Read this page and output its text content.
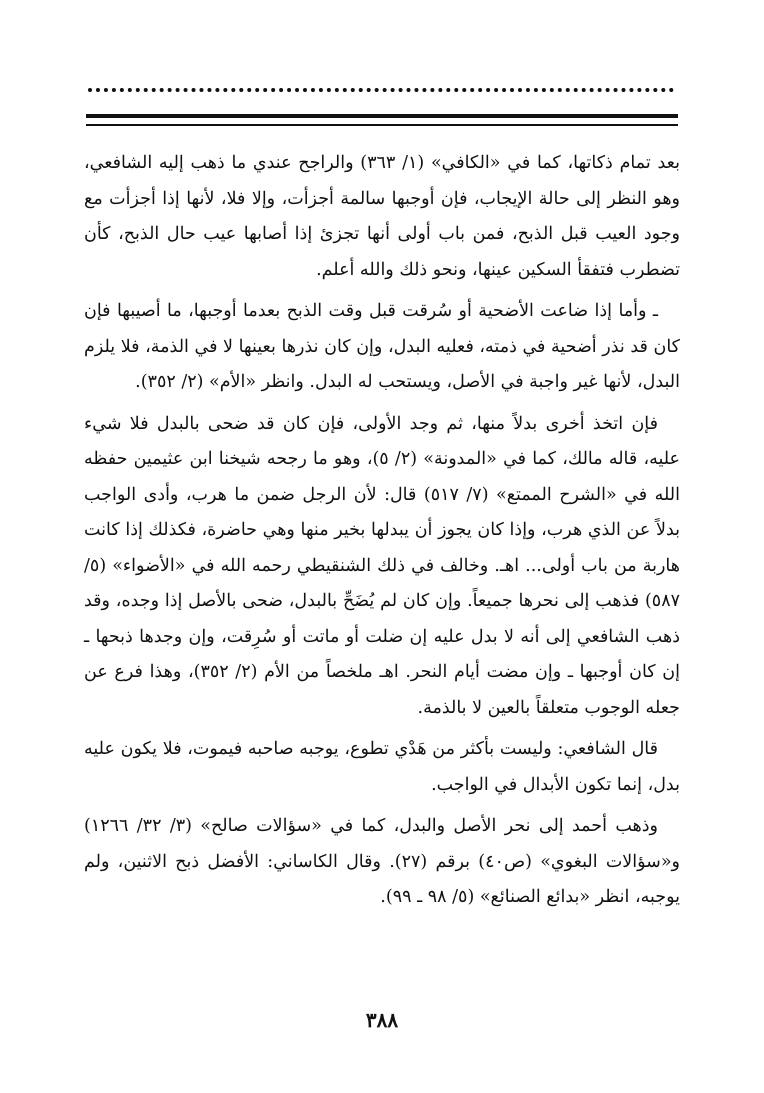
بعد تمام ذكاتها، كما في «الكافي» (١/ ٣٦٣) والراجح عندي ما ذهب إليه الشافعي، وهو النظر إلى حالة الإيجاب، فإن أوجبها سالمة أجزأت، وإلا فلا، لأنها إذا أجزأت مع وجود العيب قبل الذبح، فمن باب أولى أنها تجزئ إذا أصابها عيب حال الذبح، كأن تضطرب فتفقأ السكين عينها، ونحو ذلك والله أعلم.

ـ وأما إذا ضاعت الأضحية أو سُرقت قبل وقت الذبح بعدما أوجبها، ما أصيبها فإن كان قد نذر أضحية في ذمته، فعليه البدل، وإن كان نذرها بعينها لا في الذمة، فلا يلزم البدل، لأنها غير واجبة في الأصل، ويستحب له البدل. وانظر «الأم» (٢/ ٣٥٢).

فإن اتخذ أخرى بدلاً منها، ثم وجد الأولى، فإن كان قد ضحى بالبدل فلا شيء عليه، قاله مالك، كما في «المدونة» (٢/ ٥)، وهو ما رجحه شيخنا ابن عثيمين حفظه الله في «الشرح الممتع» (٧/ ٥١٧) قال: لأن الرجل ضمن ما هرب، وأدى الواجب بدلاً عن الذي هرب، وإذا كان يجوز أن يبدلها بخير منها وهي حاضرة، فكذلك إذا كانت هاربة من باب أولى... اهـ. وخالف في ذلك الشنقيطي رحمه الله في «الأضواء» (٥/ ٥٨٧) فذهب إلى نحرها جميعاً. وإن كان لم يُضَحِّ بالبدل، ضحى بالأصل إذا وجده، وقد ذهب الشافعي إلى أنه لا بدل عليه إن ضلت أو ماتت أو سُرِقت، وإن وجدها ذبحها ـ إن كان أوجبها ـ وإن مضت أيام النحر. اهـ ملخصاً من الأم (٢/ ٣٥٢)، وهذا فرع عن جعله الوجوب متعلقاً بالعين لا بالذمة.

قال الشافعي: وليست بأكثر من هَدْي تطوع، يوجبه صاحبه فيموت، فلا يكون عليه بدل، إنما تكون الأبدال في الواجب.

وذهب أحمد إلى نحر الأصل والبدل، كما في «سؤالات صالح» (٣/ ٣٢/ ١٢٦٦) و«سؤالات البغوي» (ص٤٠) برقم (٢٧). وقال الكاساني: الأفضل ذبح الاثنين، ولم يوجبه، انظر «بدائع الصنائع» (٥/ ٩٨ ـ ٩٩).

٣٨٨
